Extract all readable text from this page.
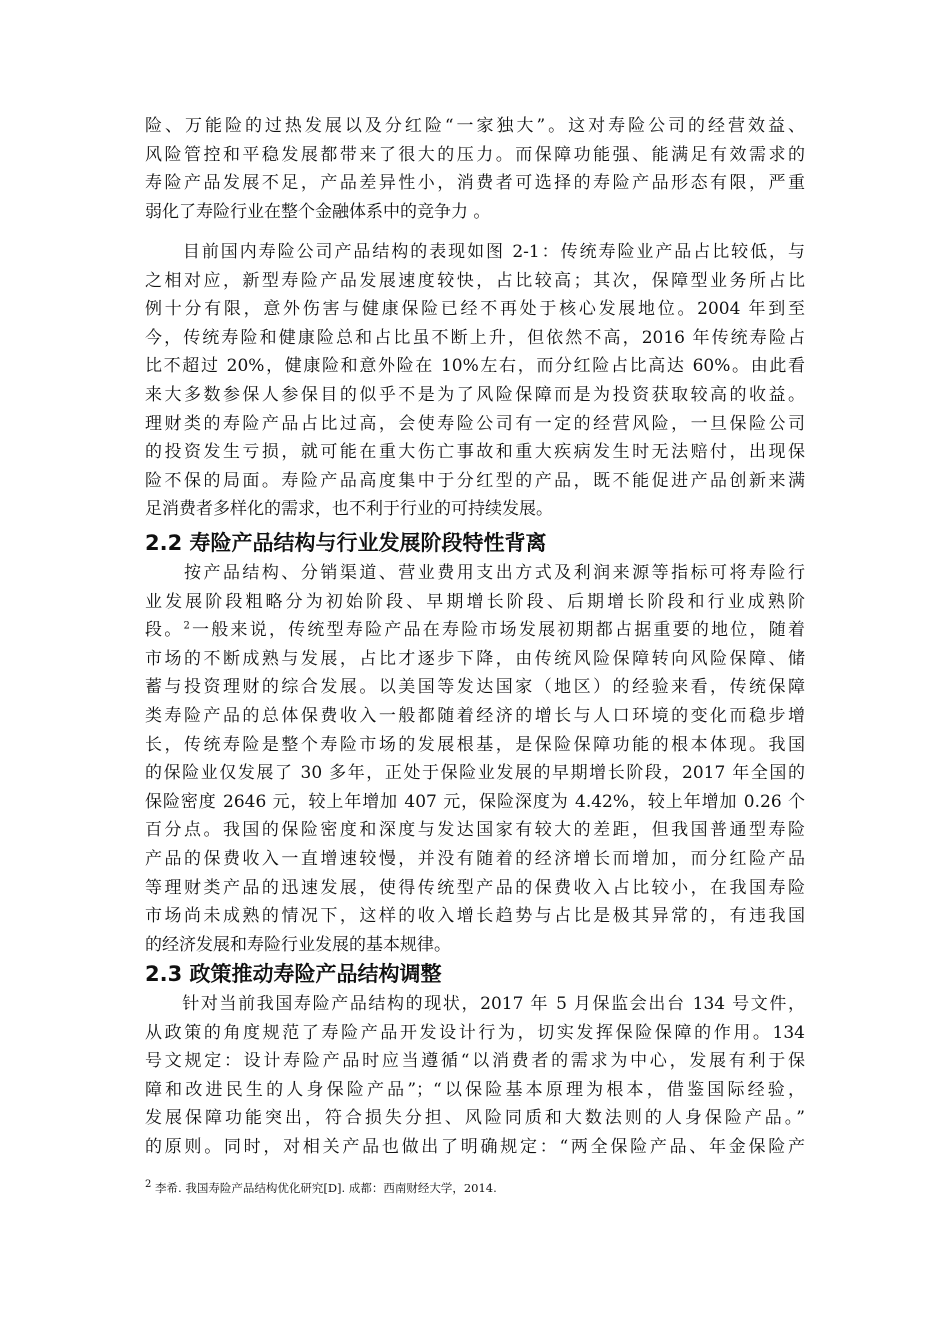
险、万能险的过热发展以及分红险“一家独大”。这对寿险公司的经营效益、
风险管控和平稳发展都带来了很大的压力。而保障功能强、能满足有效需求的
寿险产品发展不足，产品差异性小，消费者可选择的寿险产品形态有限，严重
弱化了寿险行业在整个金融体系中的竞争力 。
　　目前国内寿险公司产品结构的表现如图 2-1：传统寿险业产品占比较低，与
之相对应，新型寿险产品发展速度较快，占比较高；其次，保障型业务所占比
例十分有限，意外伤害与健康保险已经不再处于核心发展地位。2004 年到至
今，传统寿险和健康险总和占比虽不断上升，但依然不高，2016 年传统寿险占
比不超过 20%，健康险和意外险在 10%左右，而分红险占比高达 60%。由此看
来大多数参保人参保目的似乎不是为了风险保障而是为投资获取较高的收益。
理财类的寿险产品占比过高，会使寿险公司有一定的经营风险，一旦保险公司
的投资发生亏损，就可能在重大伤亡事故和重大疾病发生时无法赔付，出现保
险不保的局面。寿险产品高度集中于分红型的产品，既不能促进产品创新来满
足消费者多样化的需求，也不利于行业的可持续发展。
2.2 寿险产品结构与行业发展阶段特性背离
　　按产品结构、分销渠道、营业费用支出方式及利润来源等指标可将寿险行
业发展阶段粗略分为初始阶段、早期增长阶段、后期增长阶段和行业成熟阶
段。$^2$一般来说，传统型寿险产品在寿险市场发展初期都占据重要的地位，随着
市场的不断成熟与发展，占比才逐步下降，由传统风险保障转向风险保障、储
蓄与投资理财的综合发展。以美国等发达国家（地区）的经验来看，传统保障
类寿险产品的总体保费收入一般都随着经济的增长与人口环境的变化而稳步增
长，传统寿险是整个寿险市场的发展根基，是保险保障功能的根本体现。我国
的保险业仅发展了 30 多年，正处于保险业发展的早期增长阶段，2017 年全国的
保险密度 2646 元，较上年增加 407 元，保险深度为 4.42%，较上年增加 0.26 个
百分点。我国的保险密度和深度与发达国家有较大的差距，但我国普通型寿险
产品的保费收入一直增速较慢，并没有随着的经济增长而增加，而分红险产品
等理财类产品的迅速发展，使得传统型产品的保费收入占比较小，在我国寿险
市场尚未成熟的情况下，这样的收入增长趋势与占比是极其异常的，有违我国
的经济发展和寿险行业发展的基本规律。
2.3 政策推动寿险产品结构调整
　　针对当前我国寿险产品结构的现状，2017 年 5 月保监会出台 134 号文件，
从政策的角度规范了寿险产品开发设计行为，切实发挥保险保障的作用。134
号文规定：设计寿险产品时应当遵循“以消费者的需求为中心，发展有利于保
障和改进民生的人身保险产品”；“以保险基本原理为根本，借鉴国际经验，
发展保障功能突出，符合损失分担、风险同质和大数法则的人身保险产品。”
的原则。同时，对相关产品也做出了明确规定：“两全保险产品、年金保险产

2 李希. 我国寿险产品结构优化研究[D]. 成都：西南财经大学，2014.
